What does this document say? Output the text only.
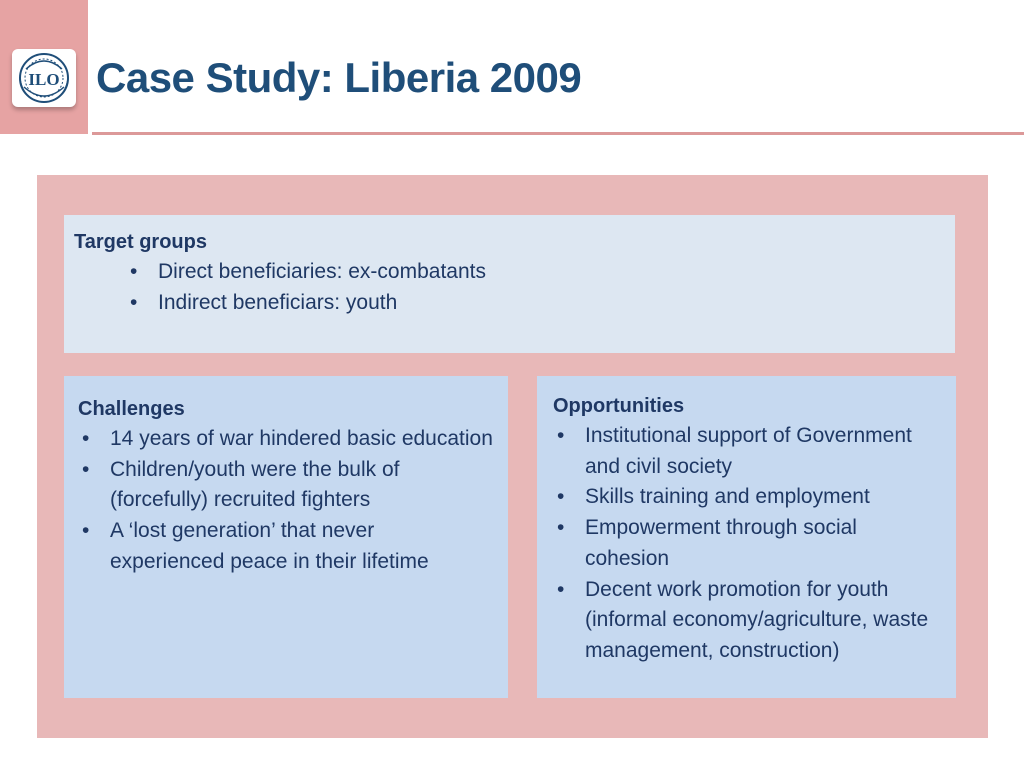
ILO Case Study: Liberia 2009

Target groups

• Direct beneficiaries: ex-combatants
• Indirect beneficiars: youth

Challenges

• 14 years of war hindered basic education
• Children/youth were the bulk of (forcefully) recruited fighters
• A ‘lost generation’ that never experienced peace in their lifetime

Opportunities

• Institutional support of Government and civil society
• Skills training and employment
• Empowerment through social cohesion
• Decent work promotion for youth (informal economy/agriculture, waste management, construction)
